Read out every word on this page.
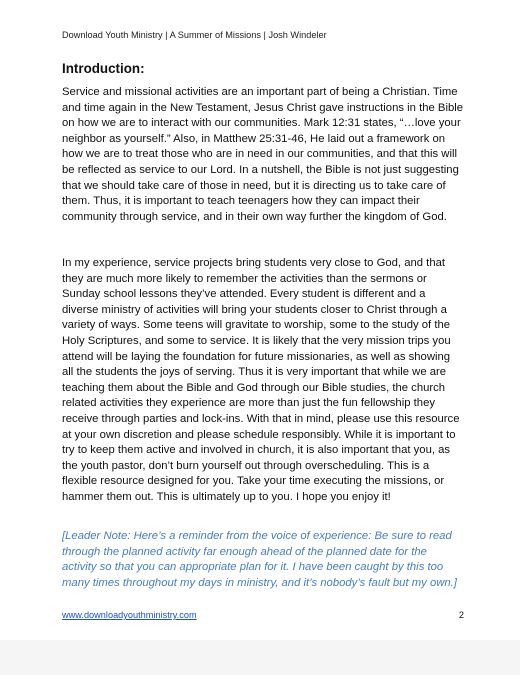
Download Youth Ministry | A Summer of Missions | Josh Windeler
Introduction:

Service and missional activities are an important part of being a Christian. Time and time again in the New Testament, Jesus Christ gave instructions in the Bible on how we are to interact with our communities. Mark 12:31 states, “…love your neighbor as yourself.” Also, in Matthew 25:31-46, He laid out a framework on how we are to treat those who are in need in our communities, and that this will be reflected as service to our Lord. In a nutshell, the Bible is not just suggesting that we should take care of those in need, but it is directing us to take care of them. Thus, it is important to teach teenagers how they can impact their community through service, and in their own way further the kingdom of God.

In my experience, service projects bring students very close to God, and that they are much more likely to remember the activities than the sermons or Sunday school lessons they’ve attended. Every student is different and a diverse ministry of activities will bring your students closer to Christ through a variety of ways. Some teens will gravitate to worship, some to the study of the Holy Scriptures, and some to service. It is likely that the very mission trips you attend will be laying the foundation for future missionaries, as well as showing all the students the joys of serving. Thus it is very important that while we are teaching them about the Bible and God through our Bible studies, the church related activities they experience are more than just the fun fellowship they receive through parties and lock-ins. With that in mind, please use this resource at your own discretion and please schedule responsibly. While it is important to try to keep them active and involved in church, it is also important that you, as the youth pastor, don’t burn yourself out through overscheduling. This is a flexible resource designed for you. Take your time executing the missions, or hammer them out. This is ultimately up to you. I hope you enjoy it!

[Leader Note: Here’s a reminder from the voice of experience: Be sure to read through the planned activity far enough ahead of the planned date for the activity so that you can appropriate plan for it. I have been caught by this too many times throughout my days in ministry, and it’s nobody’s fault but my own.]

www.downloadyouthministry.com	2
